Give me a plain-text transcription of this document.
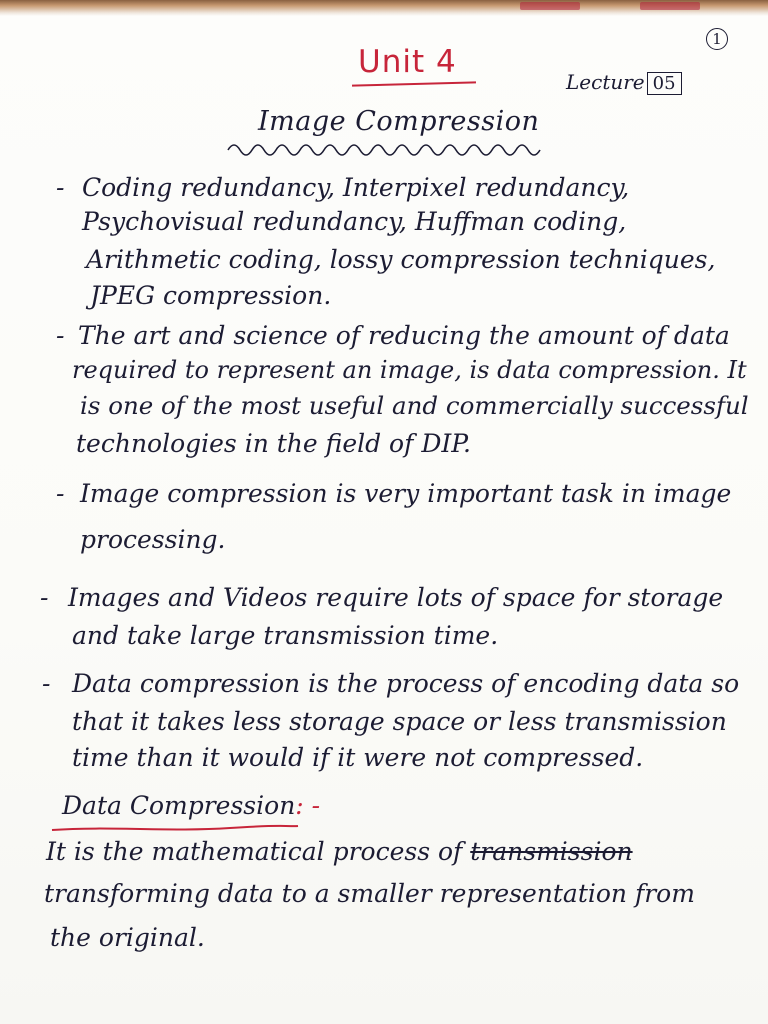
1
Unit 4
Lecture 05
Image Compression
- Coding redundancy, Interpixel redundancy,
Psychovisual redundancy, Huffman coding,
Arithmetic coding, lossy compression techniques,
JPEG compression.
- The art and science of reducing the amount of data
required to represent an image, is data compression. It
is one of the most useful and commercially successful
technologies in the field of DIP.
- Image compression is very important task in image
processing.
- Images and Videos require lots of space for storage
and take large transmission time.
- Data compression is the process of encoding data so
that it takes less storage space or less transmission
time than it would if it were not compressed.
Data Compression: -
It is the mathematical process of transmission
transforming data to a smaller representation from
the original.
